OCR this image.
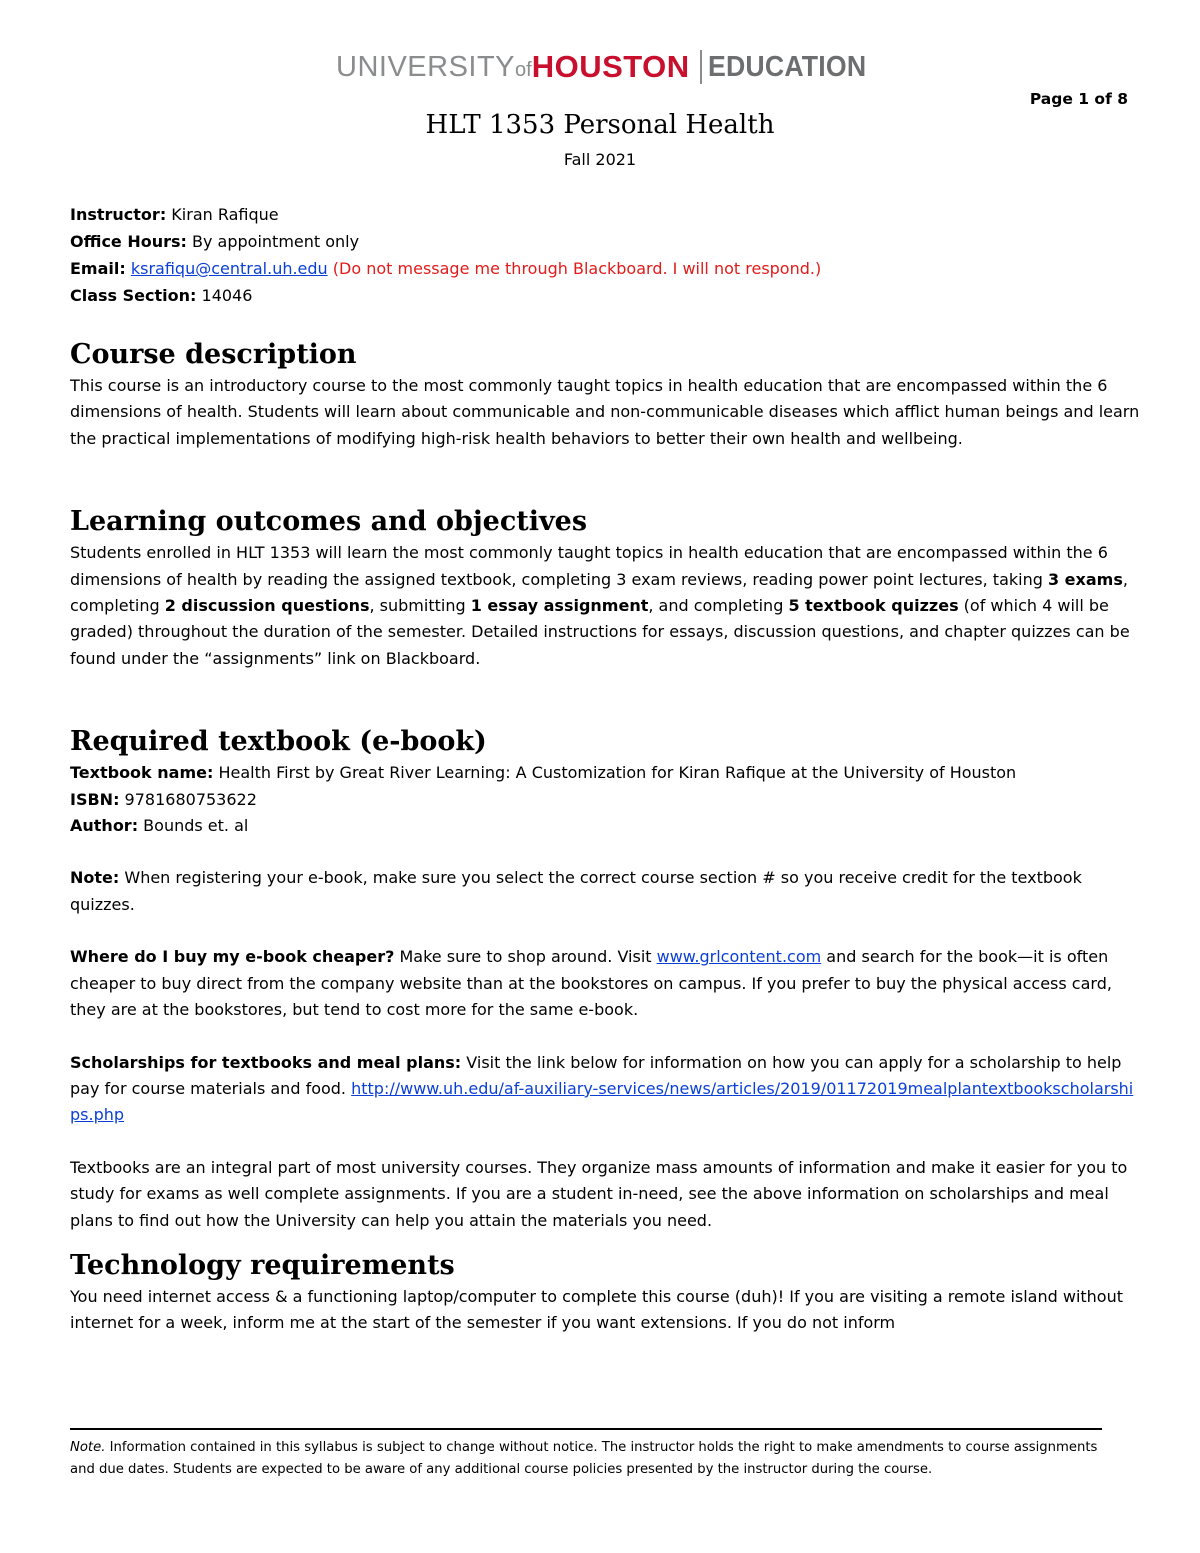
UNIVERSITYofHOUSTON EDUCATION
Page 1 of 8
HLT 1353 Personal Health
Fall 2021
Instructor: Kiran Rafique
Office Hours: By appointment only
Email: ksrafiqu@central.uh.edu (Do not message me through Blackboard. I will not respond.)
Class Section: 14046
Course description

This course is an introductory course to the most commonly taught topics in health education that are encompassed within the 6 dimensions of health. Students will learn about communicable and non-communicable diseases which afflict human beings and learn the practical implementations of modifying high-risk health behaviors to better their own health and wellbeing.

Learning outcomes and objectives

Students enrolled in HLT 1353 will learn the most commonly taught topics in health education that are encompassed within the 6 dimensions of health by reading the assigned textbook, completing 3 exam reviews, reading power point lectures, taking 3 exams, completing 2 discussion questions, submitting 1 essay assignment, and completing 5 textbook quizzes (of which 4 will be graded) throughout the duration of the semester. Detailed instructions for essays, discussion questions, and chapter quizzes can be found under the “assignments” link on Blackboard.

Required textbook (e-book)

Textbook name: Health First by Great River Learning: A Customization for Kiran Rafique at the University of Houston

ISBN: 9781680753622

Author: Bounds et. al

Note: When registering your e-book, make sure you select the correct course section # so you receive credit for the textbook quizzes.

Where do I buy my e-book cheaper? Make sure to shop around. Visit www.grlcontent.com and search for the book—it is often cheaper to buy direct from the company website than at the bookstores on campus. If you prefer to buy the physical access card, they are at the bookstores, but tend to cost more for the same e-book.

Scholarships for textbooks and meal plans: Visit the link below for information on how you can apply for a scholarship to help pay for course materials and food. http://www.uh.edu/af-auxiliary-services/news/articles/2019/01172019mealplantextbookscholarships.php

Textbooks are an integral part of most university courses. They organize mass amounts of information and make it easier for you to study for exams as well complete assignments. If you are a student in-need, see the above information on scholarships and meal plans to find out how the University can help you attain the materials you need.

Technology requirements

You need internet access & a functioning laptop/computer to complete this course (duh)! If you are visiting a remote island without internet for a week, inform me at the start of the semester if you want extensions. If you do not inform

Note. Information contained in this syllabus is subject to change without notice. The instructor holds the right to make amendments to course assignments and due dates. Students are expected to be aware of any additional course policies presented by the instructor during the course.
